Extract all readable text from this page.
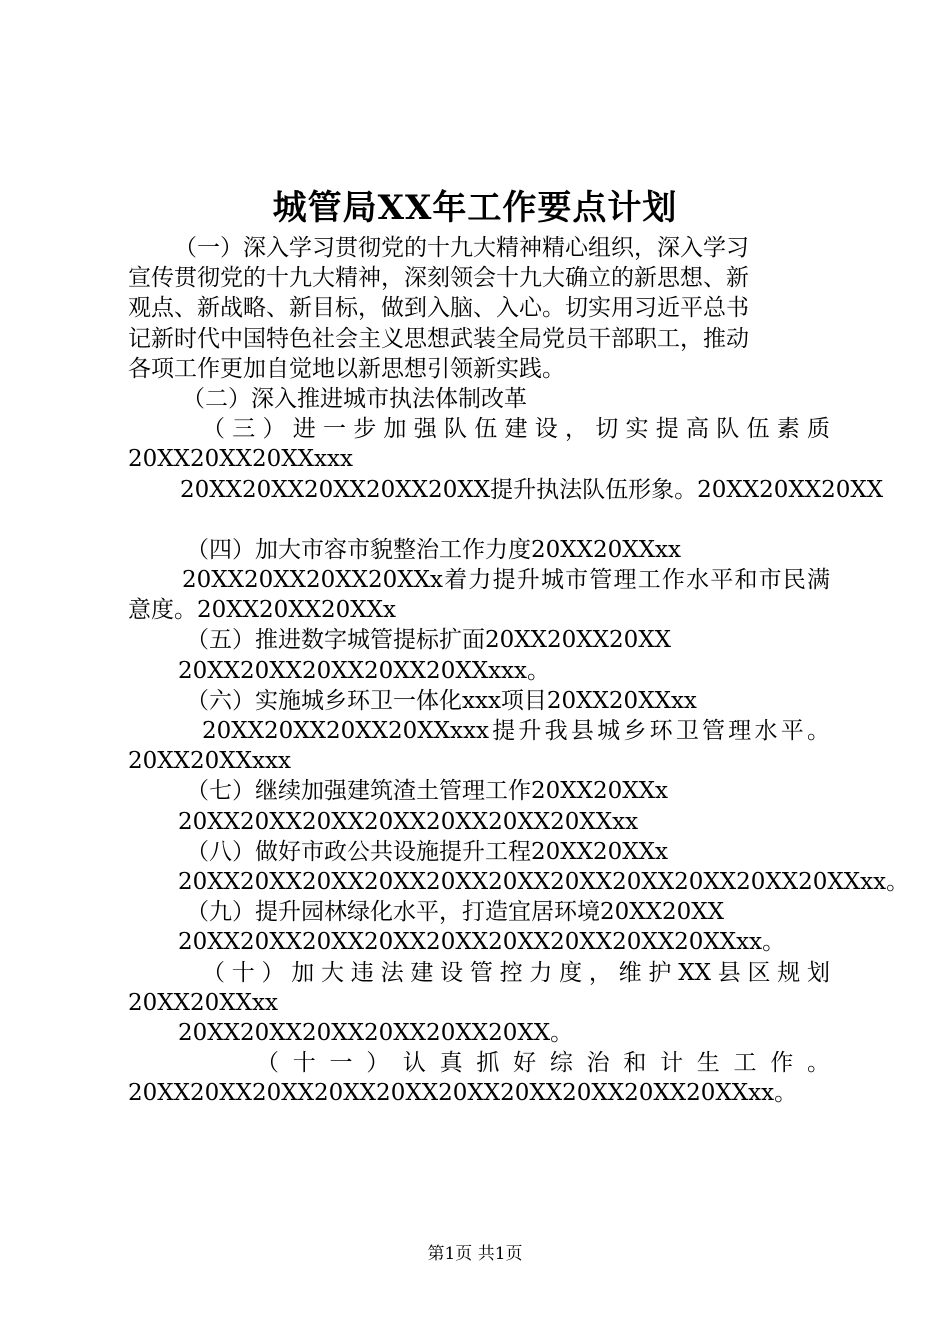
城管局XX年工作要点计划
（一）深入学习贯彻党的十九大精神精心组织，深入学习
宣传贯彻党的十九大精神，深刻领会十九大确立的新思想、新
观点、新战略、新目标，做到入脑、入心。切实用习近平总书
记新时代中国特色社会主义思想武装全局党员干部职工，推动
各项工作更加自觉地以新思想引领新实践。
（二）深入推进城市执法体制改革
（三）进一步加强队伍建设，切实提高队伍素质
20XX20XX20XXxxx
20XX20XX20XX20XX20XX提升执法队伍形象。20XX20XX20XX
（四）加大市容市貌整治工作力度20XX20XXxx
20XX20XX20XX20XXx着力提升城市管理工作水平和市民满
意度。20XX20XX20XXx
（五）推进数字城管提标扩面20XX20XX20XX
20XX20XX20XX20XX20XXxxx。
（六）实施城乡环卫一体化xxx项目20XX20XXxx
20XX20XX20XX20XXxxx提升我县城乡环卫管理水平。
20XX20XXxxx
（七）继续加强建筑渣土管理工作20XX20XXx
20XX20XX20XX20XX20XX20XX20XXxx
（八）做好市政公共设施提升工程20XX20XXx
20XX20XX20XX20XX20XX20XX20XX20XX20XX20XX20XXxx。
（九）提升园林绿化水平，打造宜居环境20XX20XX
20XX20XX20XX20XX20XX20XX20XX20XX20XXxx。
（十）加大违法建设管控力度，维护XX县区规划
20XX20XXxx
20XX20XX20XX20XX20XX20XX。
（十一）认真抓好综治和计生工作。
20XX20XX20XX20XX20XX20XX20XX20XX20XX20XXxx。
第1页 共1页
